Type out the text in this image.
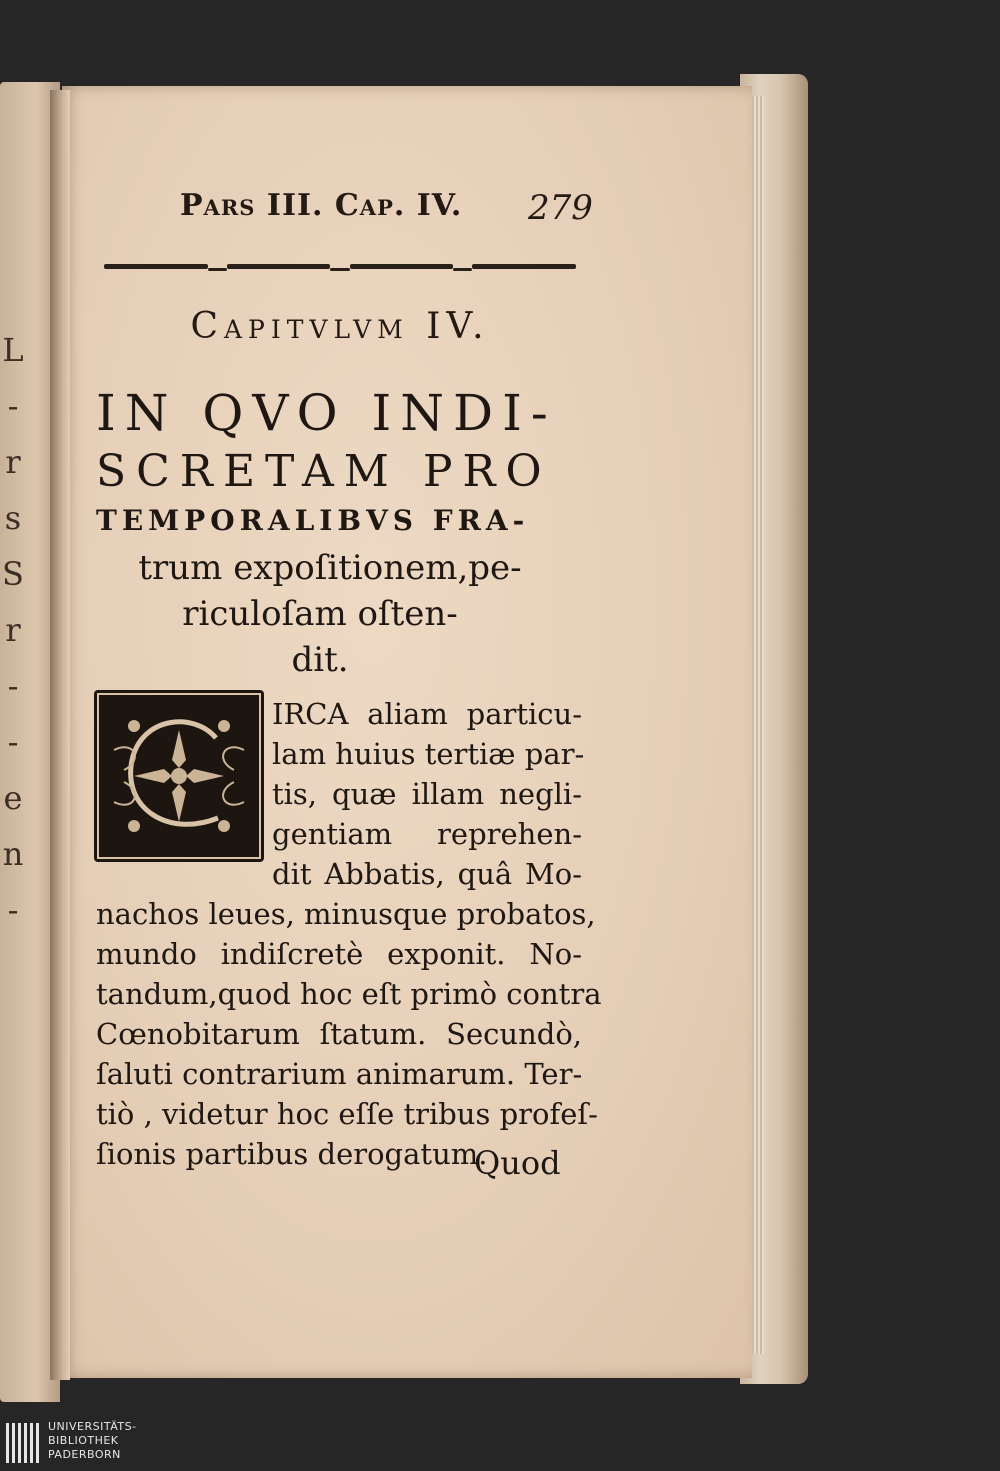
L
-
r
s
S
r
-
-
e
n
-
Pars III. Cap. IV. 279
Capitvlvm IV.
IN QVO INDI-
SCRETAM PRO
TEMPORALIBVS FRA-
trum expoſitionem,pe-
riculoſam oſten-
dit.
IRCA aliam particu-
lam huius tertiæ par-
tis, quæ illam negli-
gentiam reprehen-
dit Abbatis, quâ Mo-
nachos leues, minusque probatos,
mundo indiſcretè exponit. No-
tandum,quod hoc eſt primò contra
Cœnobitarum ſtatum. Secundò,
ſaluti contrarium animarum. Ter-
tiò , videtur hoc eſſe tribus profeſ-
ſionis partibus derogatum.
Quod
UNIVERSITÄTS-
BIBLIOTHEK
PADERBORN
